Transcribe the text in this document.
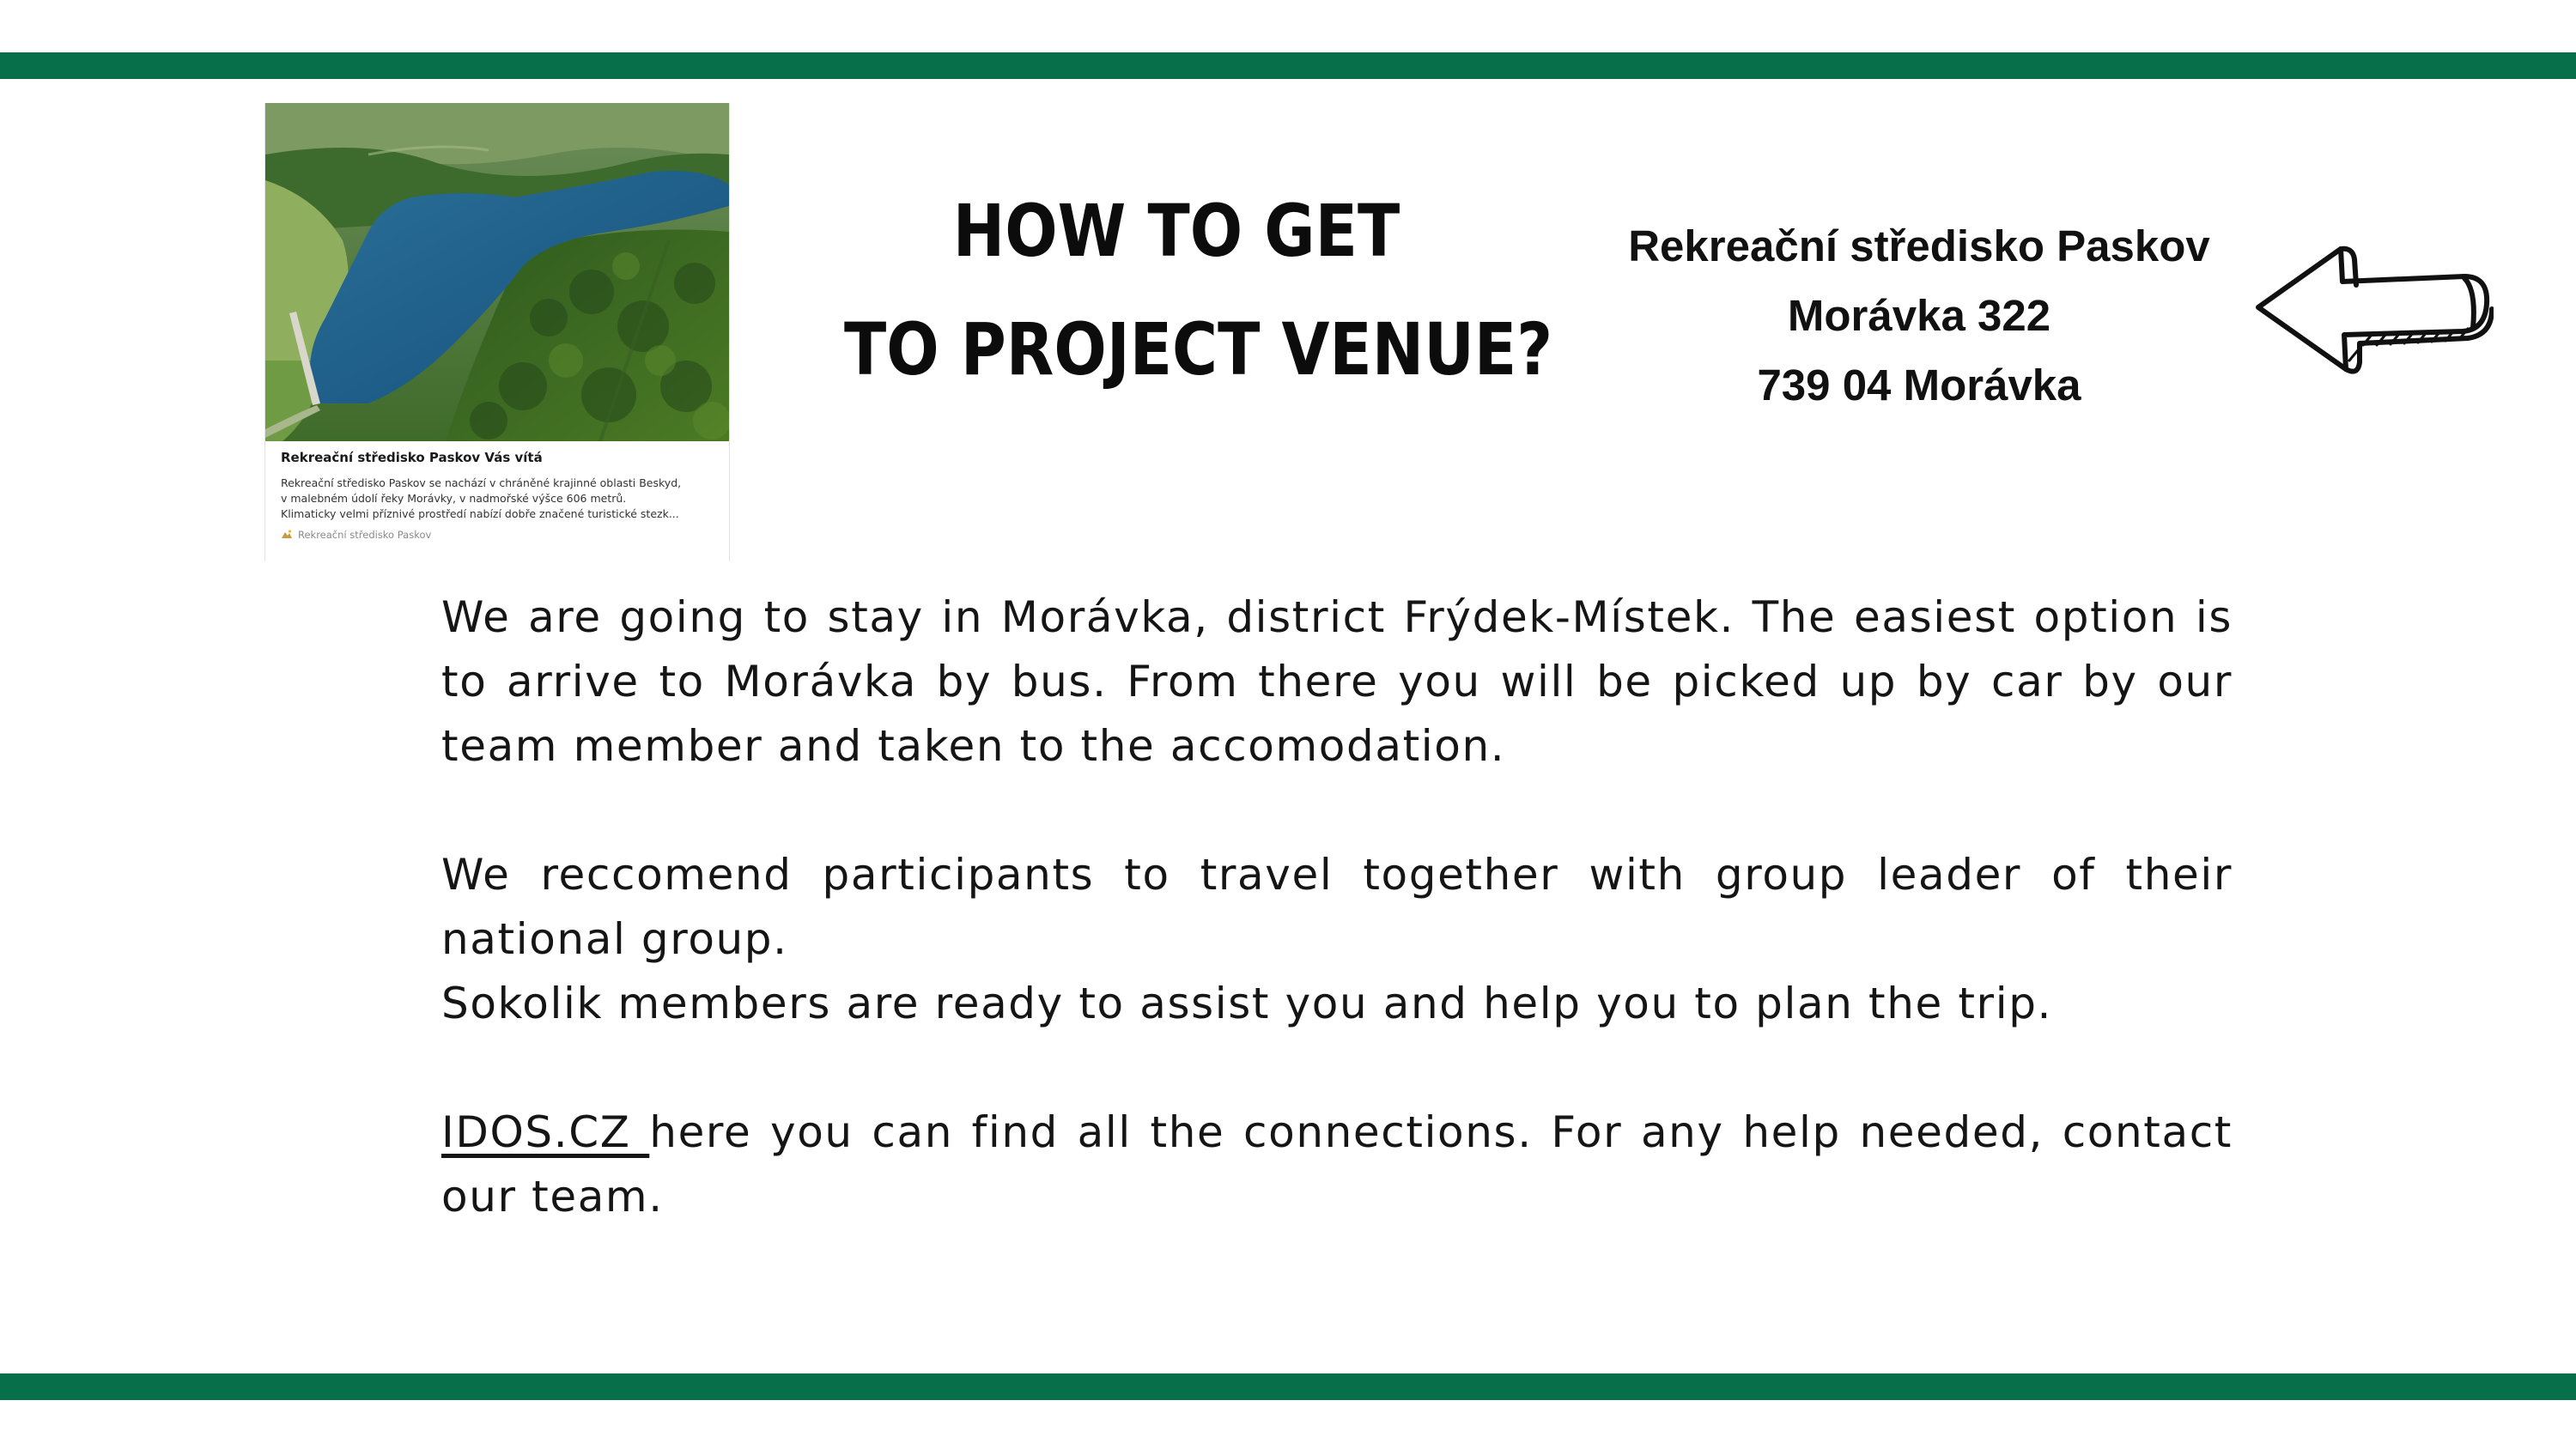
Rekreační středisko Paskov Vás vítá

Rekreační středisko Paskov se nachází v chráněné krajinné oblasti Beskyd,
v malebném údolí řeky Morávky, v nadmořské výšce 606 metrů.
Klimaticky velmi příznivé prostředí nabízí dobře značené turistické stezk...

Rekreační středisko Paskov
HOW TO GET
TO PROJECT VENUE?
Rekreační středisko Paskov
Morávka 322
739 04 Morávka

We are going to stay in Morávka, district Frýdek-Místek. The easiest option is to arrive to Morávka by bus. From there you will be picked up by car by our team member and taken to the accomodation.

We reccomend participants to travel together with group leader of their national group.

Sokolik members are ready to assist you and help you to plan the trip.

IDOS.CZ here you can find all the connections. For any help needed, contact our team.
